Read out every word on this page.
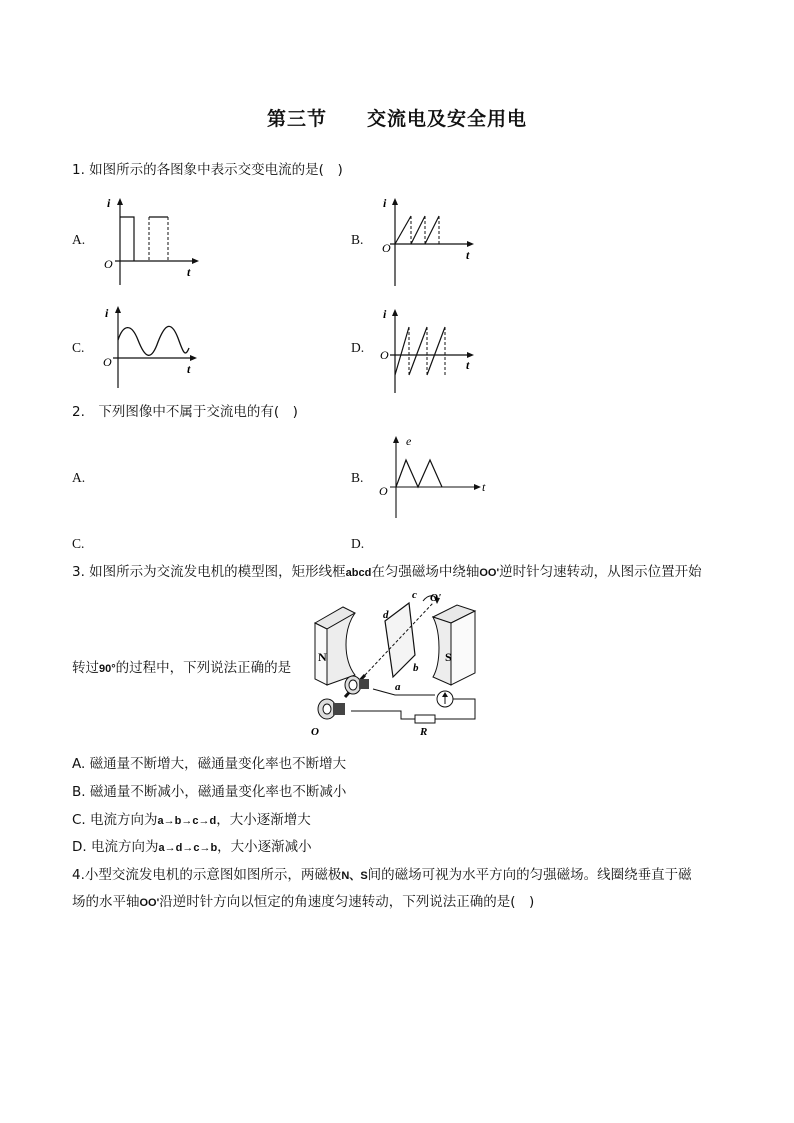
第三节　　交流电及安全用电
1. 如图所示的各图象中表示交变电流的是(　)
A.	B.
C.	D.
i
O
t
i
O	t
i
O	t
i
O
t
2.　下列图像中不属于交流电的有(　)
A.	B.
C.	D.
e
O	t
3. 如图所示为交流发电机的模型图，矩形线框abcd在匀强磁场中绕轴OO'逆时针匀速转动，从图示位置开始
转过90°的过程中，下列说法正确的是
N	S
c
d
b
a
O'
O	R
A. 磁通量不断增大，磁通量变化率也不断增大
B. 磁通量不断减小，磁通量变化率也不断减小
C. 电流方向为a→b→c→d，大小逐渐增大
D. 电流方向为a→d→c→b，大小逐渐减小
4.小型交流发电机的示意图如图所示，两磁极N、S间的磁场可视为水平方向的匀强磁场。线圈绕垂直于磁
场的水平轴OO'沿逆时针方向以恒定的角速度匀速转动，下列说法正确的是(　)
